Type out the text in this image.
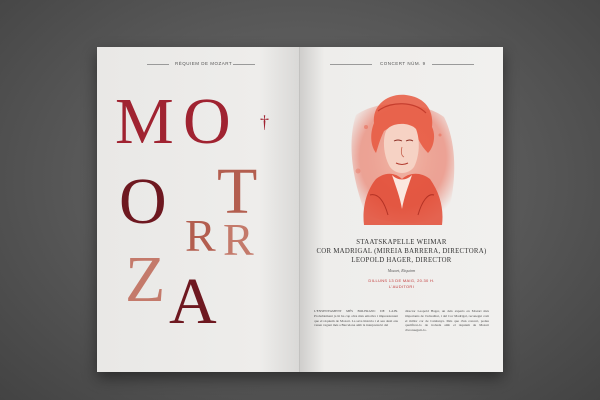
RÈQUIEM DE MOZART
M O †
T
O R
Z A
R
CONCERT NÚM. 9
STAATSKAPELLE WEIMAR
COR MADRIGAL (MIREIA BARRERA, DIRECTORA)
LEOPOLD HAGER, DIRECTOR
Mozart, Rèquiem
DILLUNS 13 DE MAIG, 20.30 H.
L'AUDITORI
L'ENSENYAMENT MÉS BOLERANC DE LAIN. Probablement ja hi ha cap obra més emotiva i impressionant que el rèquiem de Mozart. La seva història i el seu destí ens venen vagant més a Barcelona amb la interpretació del
director Leopold Hager, un dels experts en Mozart més importants de l'actualitat, i del Cor Madrigal, reconegut com el millor cor de Catalunya. Més que d'un concert, podeu qualificar-lo de trobada amb el rèquiem de Mozart d'aconseguir-lo.
